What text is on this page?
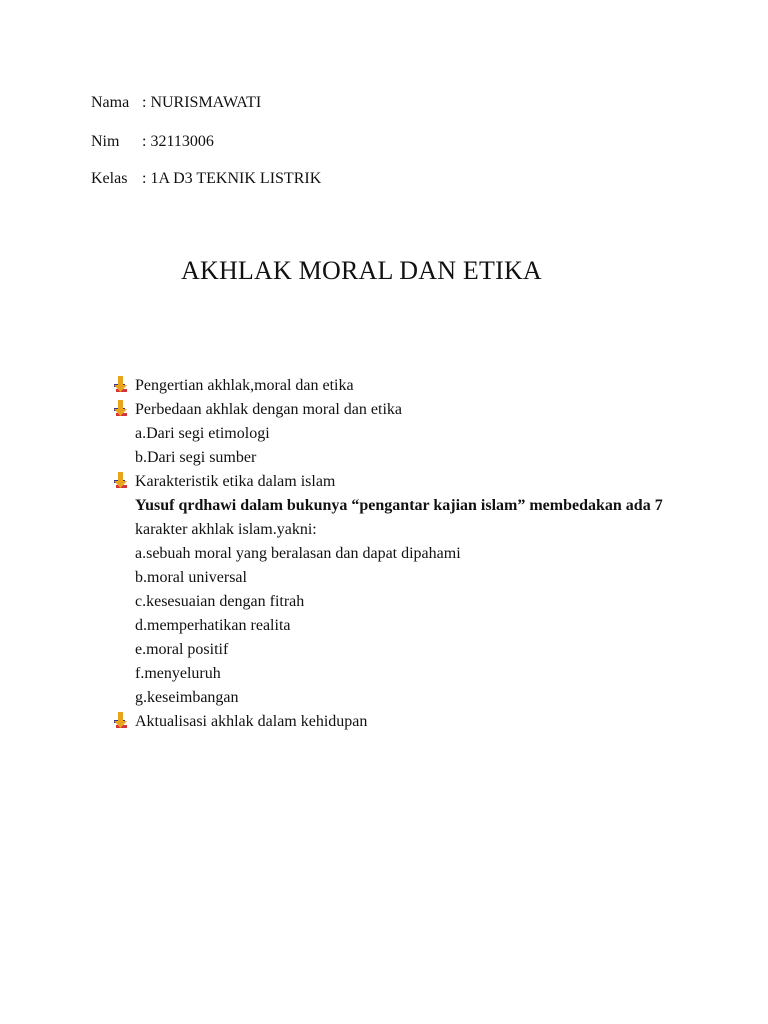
Nama : NURISMAWATI
Nim : 32113006
Kelas : 1A D3 TEKNIK LISTRIK
AKHLAK MORAL DAN ETIKA
Pengertian akhlak,moral dan etika
Perbedaan akhlak dengan moral dan etika
a.Dari segi etimologi
b.Dari segi sumber
Karakteristik etika dalam islam
Yusuf qrdhawi dalam bukunya “pengantar kajian islam” membedakan ada 7
karakter akhlak islam.yakni:
a.sebuah moral yang beralasan dan dapat dipahami
b.moral universal
c.kesesuaian dengan fitrah
d.memperhatikan realita
e.moral positif
f.menyeluruh
g.keseimbangan
Aktualisasi akhlak dalam kehidupan
